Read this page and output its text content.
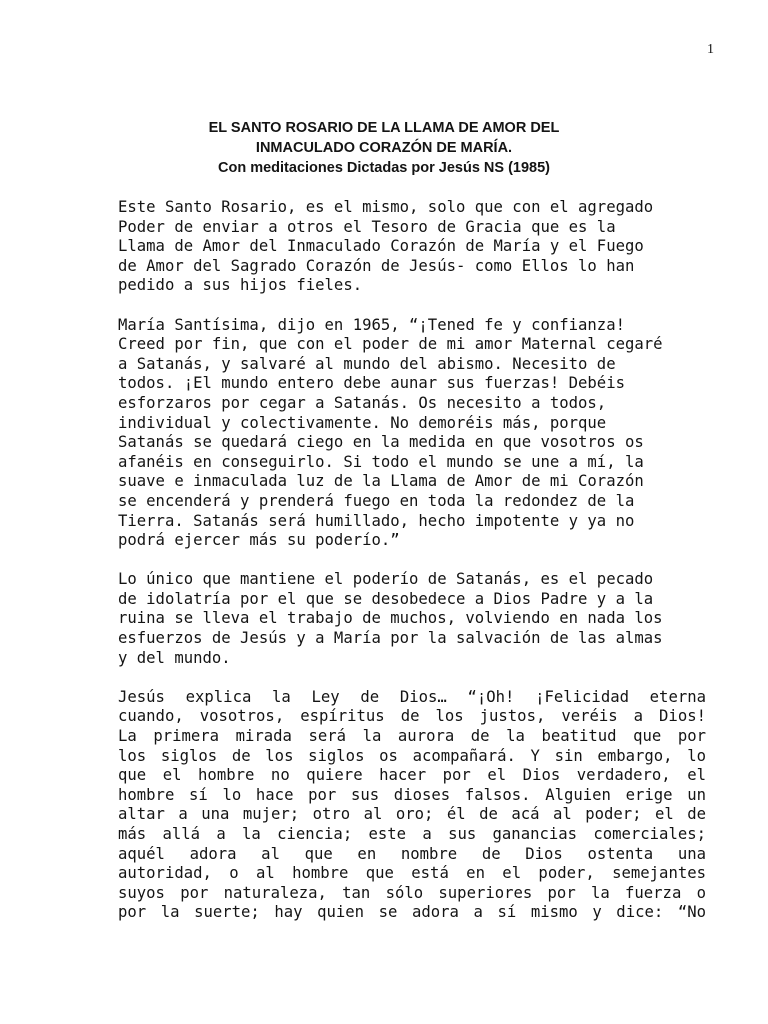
1
EL SANTO ROSARIO DE LA LLAMA DE AMOR DEL
INMACULADO CORAZÓN DE MARÍA.
Con meditaciones Dictadas por Jesús NS (1985)

Este Santo Rosario, es el mismo, solo que con el agregado
Poder de enviar a otros el Tesoro de Gracia que es la
Llama de Amor del Inmaculado Corazón de María y el Fuego
de Amor del Sagrado Corazón de Jesús- como Ellos lo han
pedido a sus hijos fieles.

María Santísima, dijo en 1965, “¡Tened fe y confianza!
Creed por fin, que con el poder de mi amor Maternal cegaré
a Satanás, y salvaré al mundo del abismo. Necesito de
todos. ¡El mundo entero debe aunar sus fuerzas! Debéis
esforzaros por cegar a Satanás. Os necesito a todos,
individual y colectivamente. No demoréis más, porque
Satanás se quedará ciego en la medida en que vosotros os
afanéis en conseguirlo. Si todo el mundo se une a mí, la
suave e inmaculada luz de la Llama de Amor de mi Corazón
se encenderá y prenderá fuego en toda la redondez de la
Tierra. Satanás será humillado, hecho impotente y ya no
podrá ejercer más su poderío.”

Lo único que mantiene el poderío de Satanás, es el pecado
de idolatría por el que se desobedece a Dios Padre y a la
ruina se lleva el trabajo de muchos, volviendo en nada los
esfuerzos de Jesús y a María por la salvación de las almas
y del mundo.

Jesús explica la Ley de Dios… “¡Oh! ¡Felicidad eterna
cuando, vosotros, espíritus de los justos, veréis a Dios!
La primera mirada será la aurora de la beatitud que por
los siglos de los siglos os acompañará. Y sin embargo, lo
que el hombre no quiere hacer por el Dios verdadero, el
hombre sí lo hace por sus dioses falsos. Alguien erige un
altar a una mujer; otro al oro; él de acá al poder; el de
más allá a la ciencia; este a sus ganancias comerciales;
aquél adora al que en nombre de Dios ostenta una
autoridad, o al hombre que está en el poder, semejantes
suyos por naturaleza, tan sólo superiores por la fuerza o
por la suerte; hay quien se adora a sí mismo y dice: “No
